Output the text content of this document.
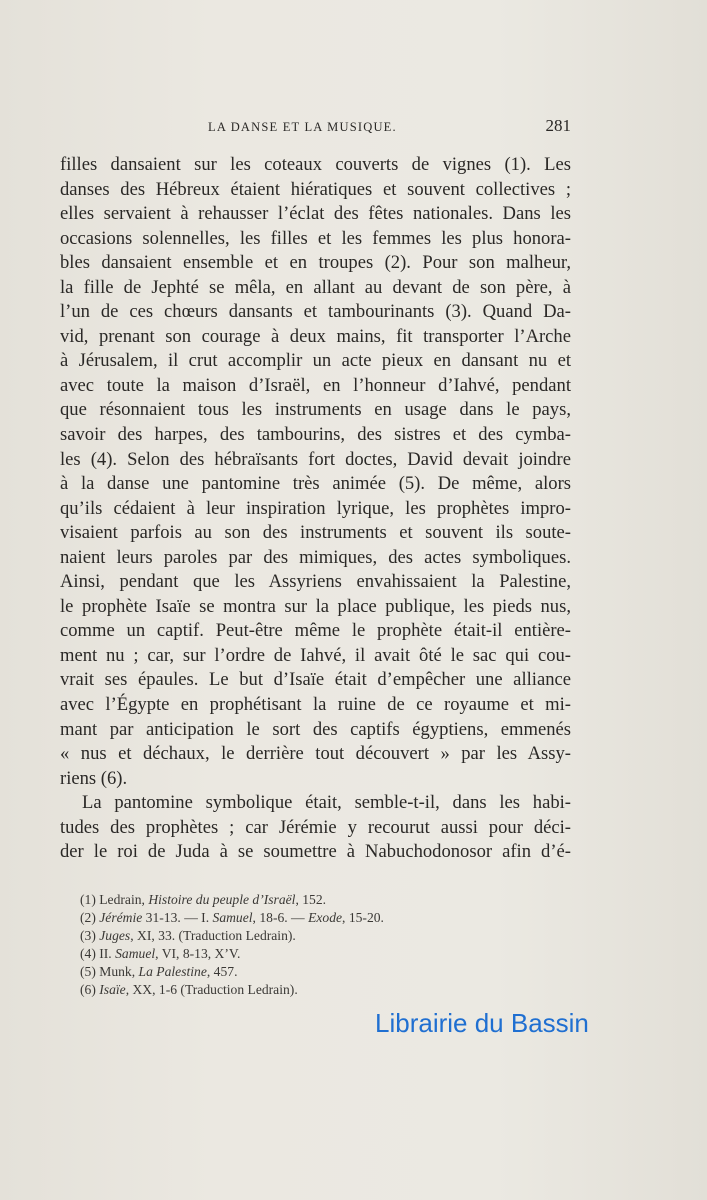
LA DANSE ET LA MUSIQUE.	281
filles dansaient sur les coteaux couverts de vignes (1). Les
danses des Hébreux étaient hiératiques et souvent collectives ;
elles servaient à rehausser l’éclat des fêtes nationales. Dans les
occasions solennelles, les filles et les femmes les plus honora-
bles dansaient ensemble et en troupes (2). Pour son malheur,
la fille de Jephté se mêla, en allant au devant de son père, à
l’un de ces chœurs dansants et tambourinants (3). Quand Da-
vid, prenant son courage à deux mains, fit transporter l’Arche
à Jérusalem, il crut accomplir un acte pieux en dansant nu et
avec toute la maison d’Israël, en l’honneur d’Iahvé, pendant
que résonnaient tous les instruments en usage dans le pays,
savoir des harpes, des tambourins, des sistres et des cymba-
les (4). Selon des hébraïsants fort doctes, David devait joindre
à la danse une pantomine très animée (5). De même, alors
qu’ils cédaient à leur inspiration lyrique, les prophètes impro-
visaient parfois au son des instruments et souvent ils soute-
naient leurs paroles par des mimiques, des actes symboliques.
Ainsi, pendant que les Assyriens envahissaient la Palestine,
le prophète Isaïe se montra sur la place publique, les pieds nus,
comme un captif. Peut-être même le prophète était-il entière-
ment nu ; car, sur l’ordre de Iahvé, il avait ôté le sac qui cou-
vrait ses épaules. Le but d’Isaïe était d’empêcher une alliance
avec l’Égypte en prophétisant la ruine de ce royaume et mi-
mant par anticipation le sort des captifs égyptiens, emmenés
« nus et déchaux, le derrière tout découvert » par les Assy-
riens (6).
La pantomine symbolique était, semble-t-il, dans les habi-
tudes des prophètes ; car Jérémie y recourut aussi pour déci-
der le roi de Juda à se soumettre à Nabuchodonosor afin d’é-
(1) Ledrain, Histoire du peuple d’Israël, 152.
(2) Jérémie 31-13. — I. Samuel, 18-6. — Exode, 15-20.
(3) Juges, XI, 33. (Traduction Ledrain).
(4) II. Samuel, VI, 8-13, X’V.
(5) Munk, La Palestine, 457.
(6) Isaïe, XX, 1-6 (Traduction Ledrain).
Librairie du Bassin
